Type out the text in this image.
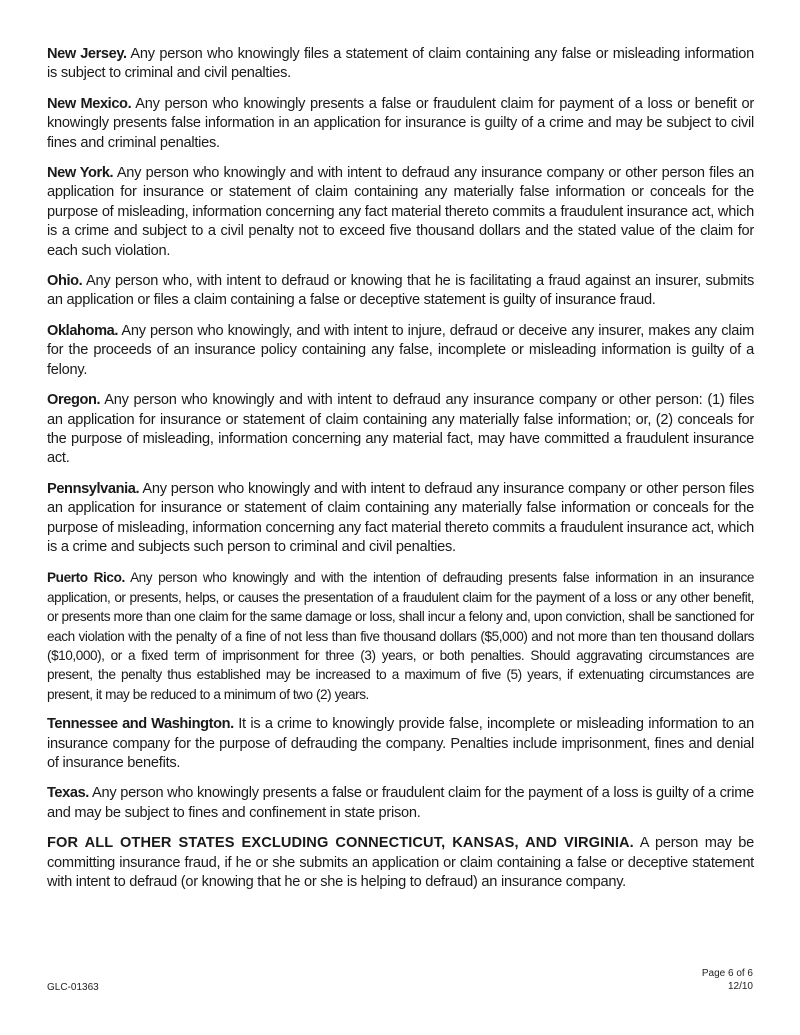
New Jersey. Any person who knowingly files a statement of claim containing any false or misleading information is subject to criminal and civil penalties.

New Mexico. Any person who knowingly presents a false or fraudulent claim for payment of a loss or benefit or knowingly presents false information in an application for insurance is guilty of a crime and may be subject to civil fines and criminal penalties.

New York. Any person who knowingly and with intent to defraud any insurance company or other person files an application for insurance or statement of claim containing any materially false information or conceals for the purpose of misleading, information concerning any fact material thereto commits a fraudulent insurance act, which is a crime and subject to a civil penalty not to exceed five thousand dollars and the stated value of the claim for each such violation.

Ohio. Any person who, with intent to defraud or knowing that he is facilitating a fraud against an insurer, submits an application or files a claim containing a false or deceptive statement is guilty of insurance fraud.

Oklahoma. Any person who knowingly, and with intent to injure, defraud or deceive any insurer, makes any claim for the proceeds of an insurance policy containing any false, incomplete or misleading information is guilty of a felony.

Oregon. Any person who knowingly and with intent to defraud any insurance company or other person: (1) files an application for insurance or statement of claim containing any materially false information; or, (2) conceals for the purpose of misleading, information concerning any material fact, may have committed a fraudulent insurance act.

Pennsylvania. Any person who knowingly and with intent to defraud any insurance company or other person files an application for insurance or statement of claim containing any materially false information or conceals for the purpose of misleading, information concerning any fact material thereto commits a fraudulent insurance act, which is a crime and subjects such person to criminal and civil penalties.

Puerto Rico. Any person who knowingly and with the intention of defrauding presents false information in an insurance application, or presents, helps, or causes the presentation of a fraudulent claim for the payment of a loss or any other benefit, or presents more than one claim for the same damage or loss, shall incur a felony and, upon conviction, shall be sanctioned for each violation with the penalty of a fine of not less than five thousand dollars ($5,000) and not more than ten thousand dollars ($10,000), or a fixed term of imprisonment for three (3) years, or both penalties. Should aggravating circumstances are present, the penalty thus established may be increased to a maximum of five (5) years, if extenuating circumstances are present, it may be reduced to a minimum of two (2) years.

Tennessee and Washington. It is a crime to knowingly provide false, incomplete or misleading information to an insurance company for the purpose of defrauding the company. Penalties include imprisonment, fines and denial of insurance benefits.

Texas. Any person who knowingly presents a false or fraudulent claim for the payment of a loss is guilty of a crime and may be subject to fines and confinement in state prison.

FOR ALL OTHER STATES EXCLUDING CONNECTICUT, KANSAS, AND VIRGINIA. A person may be committing insurance fraud, if he or she submits an application or claim containing a false or deceptive statement with intent to defraud (or knowing that he or she is helping to defraud) an insurance company.

GLC-01363
Page 6 of 6
12/10
